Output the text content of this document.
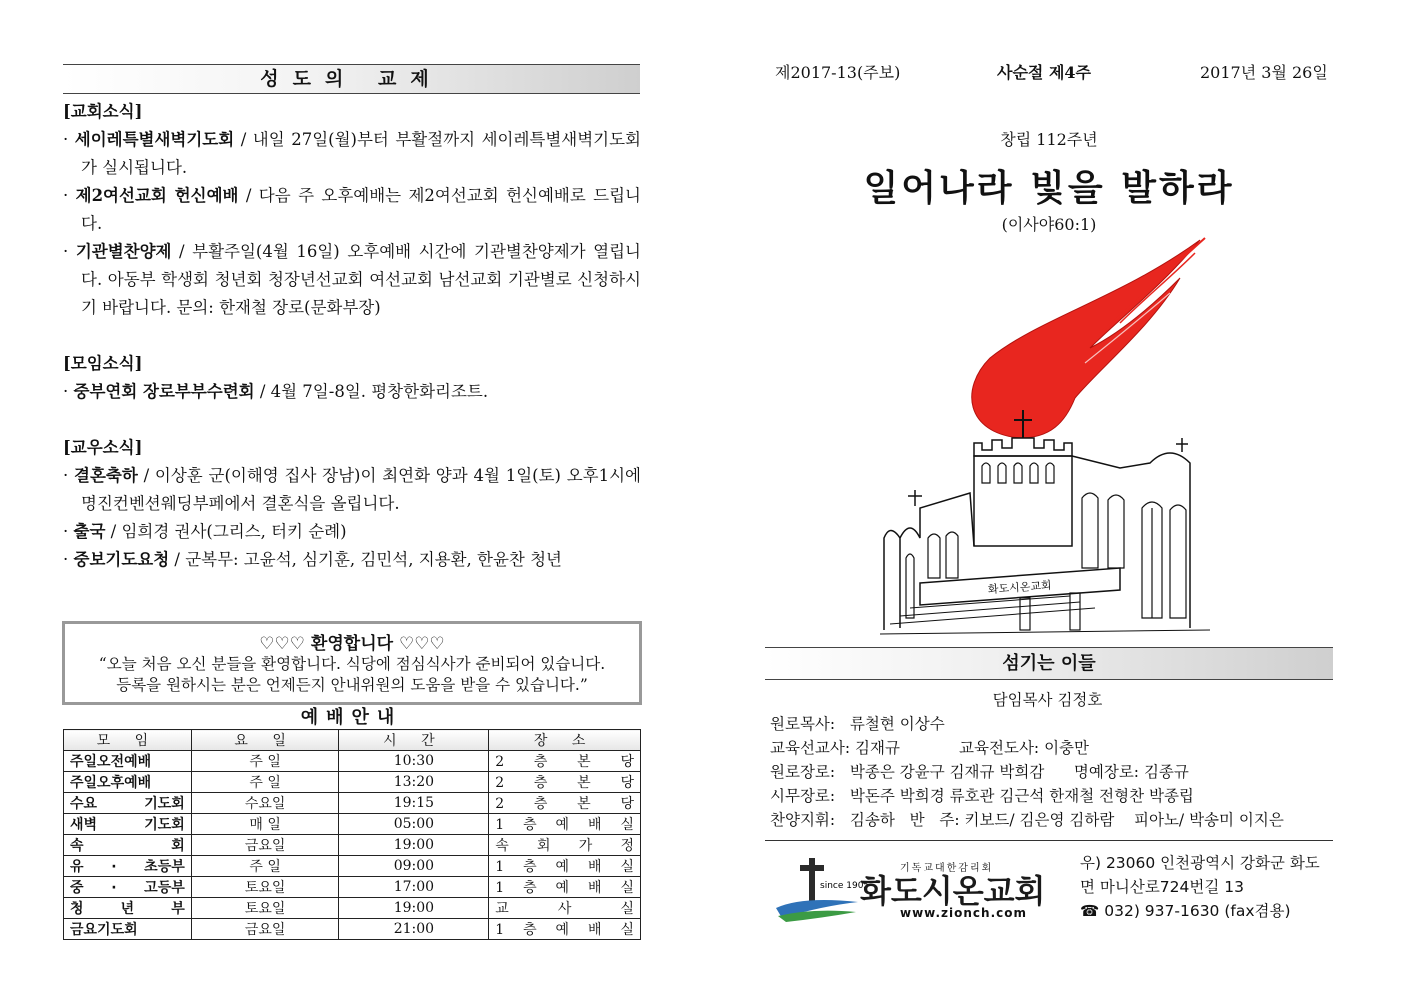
성도의 교제
[교회소식]
· 세이레특별새벽기도회 / 내일 27일(월)부터 부활절까지 세이레특별새벽기도회가 실시됩니다.
· 제2여선교회 헌신예배 / 다음 주 오후예배는 제2여선교회 헌신예배로 드립니다.
· 기관별찬양제 / 부활주일(4월 16일) 오후예배 시간에 기관별찬양제가 열립니다. 아동부 학생회 청년회 청장년선교회 여선교회 남선교회 기관별로 신청하시기 바랍니다. 문의: 한재철 장로(문화부장)
[모임소식]
· 중부연회 장로부부수련회 / 4월 7일-8일. 평창한화리조트.
[교우소식]
· 결혼축하 / 이상훈 군(이해영 집사 장남)이 최연화 양과 4월 1일(토) 오후1시에 명진컨벤션웨딩부페에서 결혼식을 올립니다.
· 출국 / 임희경 권사(그리스, 터키 순례)
· 중보기도요청 / 군복무: 고윤석, 심기훈, 김민석, 지용환, 한윤찬 청년
♡♡♡ 환영합니다 ♡♡♡
“오늘 처음 오신 분들을 환영합니다. 식당에 점심식사가 준비되어 있습니다.
등록을 원하시는 분은 언제든지 안내위원의 도움을 받을 수 있습니다.”
예배안내
모 임	요 일	시 간	장 소
주일오전예배	주 일	10:30	2 층 본 당
주일오후예배	주 일	13:20	2 층 본 당
수요 기도회	수요일	19:15	2 층 본 당
새벽 기도회	매 일	05:00	1 층 예 배 실
속 회	금요일	19:00	속 회 가 정
유 · 초등부	주 일	09:00	1 층 예 배 실
중 · 고등부	토요일	17:00	1 층 예 배 실
청 년 부	토요일	19:00	교 사 실
금요기도회	금요일	21:00	1 층 예 배 실
제2017-13(주보)	사순절 제4주	2017년 3월 26일
창립 112주년
일어나라 빛을 발하라
(이사야60:1)
화도시온교회
섬기는 이들
담임목사 김정호
원로목사:   류철현 이상수
교육선교사: 김재규            교육전도사: 이충만
원로장로:   박종은 강윤구 김재규 박희감      명예장로: 김종규
시무장로:   박돈주 박희경 류호관 김근석 한재철 전형찬 박종립
찬양지휘:   김송하   반   주: 키보드/ 김은영 김하람    피아노/ 박송미 이지은
since 1905
기독교대한감리회
화도시온교회
www.zionch.com
우) 23060 인천광역시 강화군 화도
면 마니산로724번길 13
☎ 032) 937-1630 (fax겸용)
